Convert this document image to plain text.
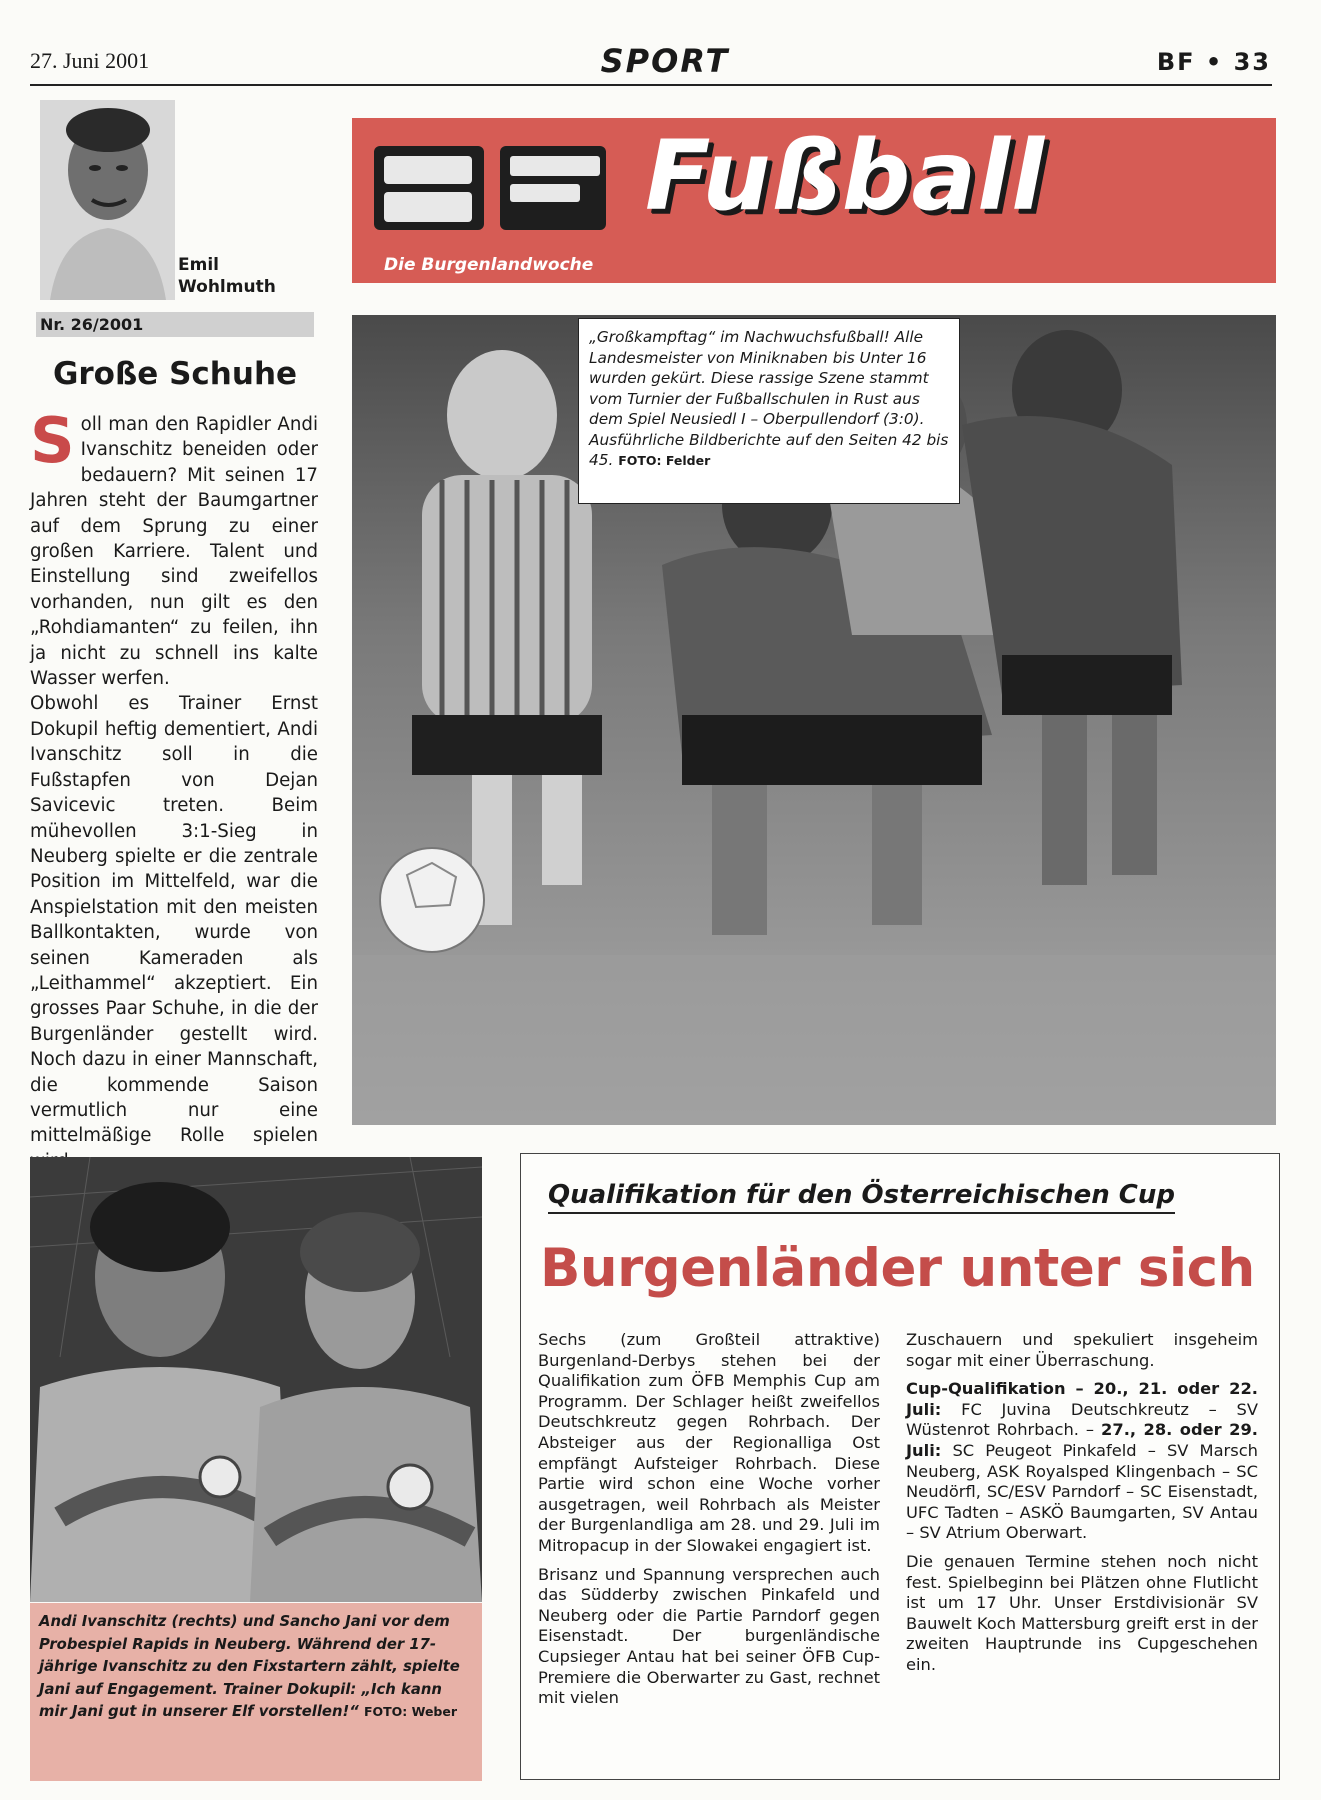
27. Juni 2001	SPORT	BF • 33
Emil Wohlmuth
Nr. 26/2001
Große Schuhe

Soll man den Rapidler Andi Ivanschitz beneiden oder bedauern? Mit seinen 17 Jahren steht der Baumgartner auf dem Sprung zu einer großen Karriere. Talent und Einstellung sind zweifellos vorhanden, nun gilt es den „Rohdiamanten“ zu feilen, ihn ja nicht zu schnell ins kalte Wasser werfen.

Obwohl es Trainer Ernst Dokupil heftig dementiert, Andi Ivanschitz soll in die Fußstapfen von Dejan Savicevic treten. Beim mühevollen 3:1-Sieg in Neuberg spielte er die zentrale Position im Mittelfeld, war die Anspielstation mit den meisten Ballkontakten, wurde von seinen Kameraden als „Leithammel“ akzeptiert. Ein grosses Paar Schuhe, in die der Burgenländer gestellt wird. Noch dazu in einer Mannschaft, die kommende Saison vermutlich nur eine mittelmäßige Rolle spielen

Fußball
Die Burgenlandwoche
„Großkampftag“ im Nachwuchsfußball! Alle Landesmeister von Miniknaben bis Unter 16 wurden gekürt. Diese rassige Szene stammt vom Turnier der Fußballschulen in Rust aus dem Spiel Neusiedl I – Oberpullendorf (3:0). Ausführliche Bildberichte auf den Seiten 42 bis 45. FOTO: Felder
Andi Ivanschitz (rechts) und Sancho Jani vor dem Probespiel Rapids in Neuberg. Während der 17-jährige Ivanschitz zu den Fixstartern zählt, spielte Jani auf Engagement. Trainer Dokupil: „Ich kann mir Jani gut in unserer Elf vorstellen!“ FOTO: Weber
Qualifikation für den Österreichischen Cup
Burgenländer unter sich

Sechs (zum Großteil attraktive) Burgenland-Derbys stehen bei der Qualifikation zum ÖFB Memphis Cup am Programm. Der Schlager heißt zweifellos Deutschkreutz gegen Rohrbach. Der Absteiger aus der Regionalliga Ost empfängt Aufsteiger Rohrbach. Diese Partie wird schon eine Woche vorher ausgetragen, weil Rohrbach als Meister der Burgenlandliga am 28. und 29. Juli im Mitropacup in der Slowakei engagiert ist.

Brisanz und Spannung versprechen auch das Südderby zwischen Pinkafeld und Neuberg oder die Partie Parndorf gegen Eisenstadt. Der burgenländische Cupsieger Antau hat bei seiner ÖFB Cup-Premiere die Oberwarter zu Gast, rechnet mit vielen

Zuschauern und spekuliert insgeheim sogar mit einer Überraschung.

Cup-Qualifikation – 20., 21. oder 22. Juli: FC Juvina Deutschkreutz – SV Wüstenrot Rohrbach. – 27., 28. oder 29. Juli: SC Peugeot Pinkafeld – SV Marsch Neuberg, ASK Royalsped Klingenbach – SC Neudörfl, SC/ESV Parndorf – SC Eisenstadt, UFC Tadten – ASKÖ Baumgarten, SV Antau – SV Atrium Oberwart.

Die genauen Termine stehen noch nicht fest. Spielbeginn bei Plätzen ohne Flutlicht ist um 17 Uhr. Unser Erstdivisionär SV Bauwelt Koch Mattersburg greift erst in der zweiten Hauptrunde ins Cupgeschehen ein.
